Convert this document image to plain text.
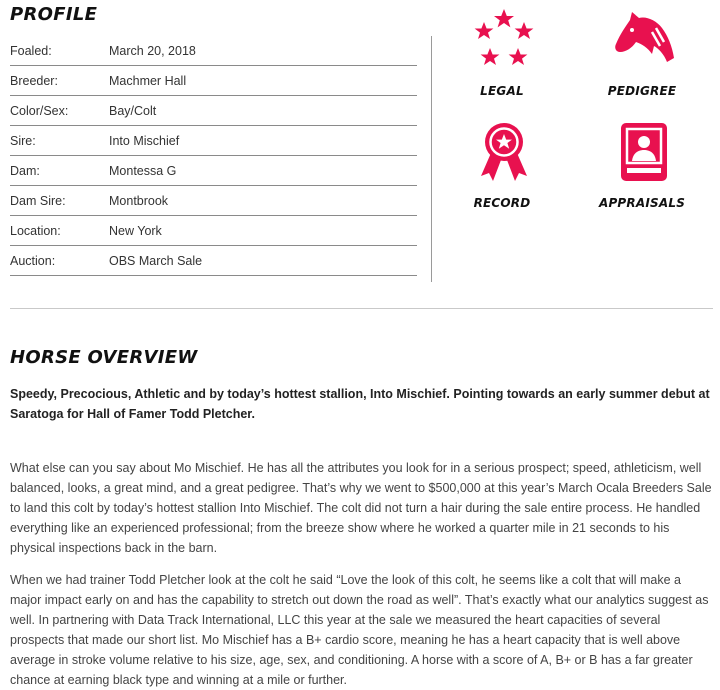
PROFILE
Foaled:	March 20, 2018
Breeder:	Machmer Hall
Color/Sex:	Bay/Colt
Sire:	Into Mischief
Dam:	Montessa G
Dam Sire:	Montbrook
Location:	New York
Auction:	OBS March Sale
LEGAL	PEDIGREE
RECORD	APPRAISALS
HORSE OVERVIEW

Speedy, Precocious, Athletic and by today’s hottest stallion, Into Mischief. Pointing towards an early summer debut at Saratoga for Hall of Famer Todd Pletcher.

What else can you say about Mo Mischief. He has all the attributes you look for in a serious prospect; speed, athleticism, well balanced, looks, a great mind, and a great pedigree. That’s why we went to $500,000 at this year’s March Ocala Breeders Sale to land this colt by today’s hottest stallion Into Mischief. The colt did not turn a hair during the sale entire process. He handled everything like an experienced professional; from the breeze show where he worked a quarter mile in 21 seconds to his physical inspections back in the barn.

When we had trainer Todd Pletcher look at the colt he said “Love the look of this colt, he seems like a colt that will make a major impact early on and has the capability to stretch out down the road as well”. That’s exactly what our analytics suggest as well. In partnering with Data Track International, LLC this year at the sale we measured the heart capacities of several prospects that made our short list. Mo Mischief has a B+ cardio score, meaning he has a heart capacity that is well above average in stroke volume relative to his size, age, sex, and conditioning. A horse with a score of A, B+ or B has a far greater chance at earning black type and winning at a mile or further.
